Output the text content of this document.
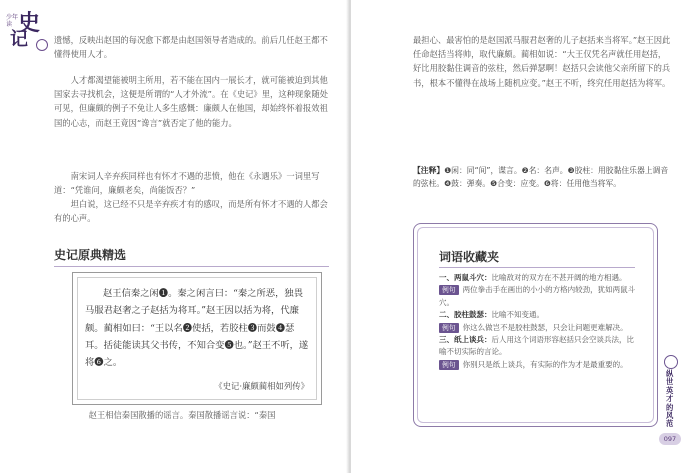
少年读 史
记	遗憾，反映出赵国的每况愈下都是由赵国领导者造成的。前后几任赵王都不懂得使用人才。

人才都渴望能被明主所用，若不能在国内一展长才，就可能被迫到其他国家去寻找机会，这便是所谓的“人才外流”。在《史记》里，这种现象随处可见，但廉颇的例子不免让人多生感慨：廉颇人在他国，却始终怀着报效祖国的心志，而赵王竟因“谗言”就否定了他的能力。

南宋词人辛弃疾同样也有怀才不遇的悲愤，他在《永遇乐》一词里写道：“凭谁问，廉颇老矣，尚能饭否？”

坦白说，这已经不只是辛弃疾才有的感叹，而是所有怀才不遇的人都会有的心声。

史记原典精选

赵王信秦之闲❶。秦之闲言曰：“秦之所恶，独畏马服君赵奢之子赵括为将耳。”赵王因以括为将，代廉颇。蔺相如曰：“王以名❷使括，若胶柱❸而鼓❹瑟耳。括徒能读其父书传，不知合变❺也。”赵王不听，遂将❻之。

《史记·廉颇蔺相如列传》

赵王相信秦国散播的谣言。秦国散播谣言说：“秦国

最担心、最害怕的是赵国派马服君赵奢的儿子赵括来当将军。”赵王因此任命赵括当将帅，取代廉颇。蔺相如说：“大王仅凭名声就任用赵括，好比用胶黏住调音的弦柱，然后弹瑟啊！赵括只会读他父亲所留下的兵书，根本不懂得在战场上随机应变。”赵王不听，终究任用赵括为将军。

【注释】❶闲：同“间”，谍言。❷名：名声。❸胶柱：用胶黏住乐器上调音的弦柱。❹鼓：弹奏。❺合变：应变。❻将：任用他当将军。

词语收藏夹
一、两鼠斗穴：比喻敌对的双方在不甚开阔的地方相遇。
例句 两位拳击手在画出的小小的方格内较劲，犹如两鼠斗穴。
二、胶柱鼓瑟：比喻不知变通。
例句 你这么做岂不是胶柱鼓瑟，只会让问题更难解决。
三、纸上谈兵：后人用这个词语形容赵括只会空谈兵法，比喻不切实际的言论。
例句 你别只是纸上谈兵，有实际的作为才是最重要的。
纵世英才的风范
097
